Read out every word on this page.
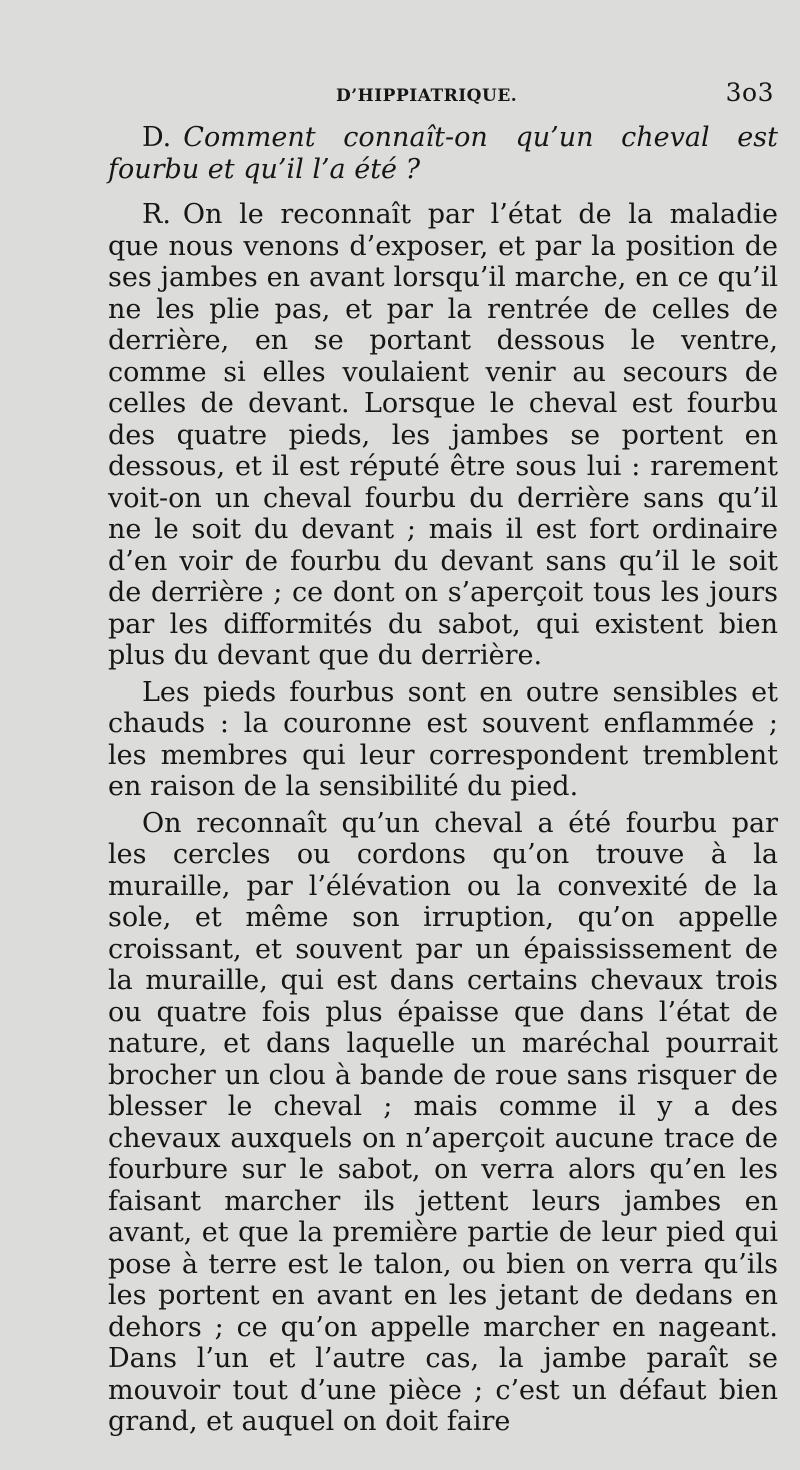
D’HIPPIATRIQUE.	3o3

D. Comment connaît-on qu’un cheval est fourbu et qu’il l’a été ?

R. On le reconnaît par l’état de la maladie que nous venons d’exposer, et par la position de ses jambes en avant lorsqu’il marche, en ce qu’il ne les plie pas, et par la rentrée de celles de derrière, en se portant dessous le ventre, comme si elles voulaient venir au secours de celles de devant. Lorsque le cheval est fourbu des quatre pieds, les jambes se portent en dessous, et il est réputé être sous lui : rarement voit-on un cheval fourbu du derrière sans qu’il ne le soit du devant ; mais il est fort ordinaire d’en voir de fourbu du devant sans qu’il le soit de derrière ; ce dont on s’aperçoit tous les jours par les difformités du sabot, qui existent bien plus du devant que du derrière.

Les pieds fourbus sont en outre sensibles et chauds : la couronne est souvent enflammée ; les membres qui leur correspondent tremblent en raison de la sensibilité du pied.

On reconnaît qu’un cheval a été fourbu par les cercles ou cordons qu’on trouve à la muraille, par l’élévation ou la convexité de la sole, et même son irruption, qu’on appelle croissant, et souvent par un épaississement de la muraille, qui est dans certains chevaux trois ou quatre fois plus épaisse que dans l’état de nature, et dans laquelle un maréchal pourrait brocher un clou à bande de roue sans risquer de blesser le cheval ; mais comme il y a des chevaux auxquels on n’aperçoit aucune trace de fourbure sur le sabot, on verra alors qu’en les faisant marcher ils jettent leurs jambes en avant, et que la première partie de leur pied qui pose à terre est le talon, ou bien on verra qu’ils les portent en avant en les jetant de dedans en dehors ; ce qu’on appelle marcher en nageant. Dans l’un et l’autre cas, la jambe paraît se mouvoir tout d’une pièce ; c’est un défaut bien grand, et auquel on doit faire
